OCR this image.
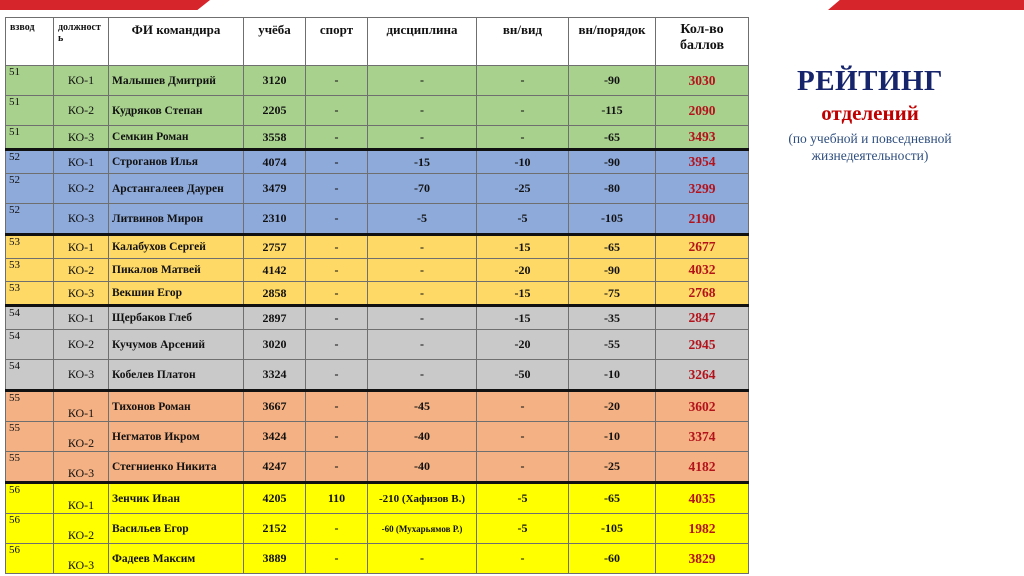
взвод	должност ь	ФИ командира	учёба	спорт	дисциплина	вн/вид	вн/порядок	Кол-во баллов
51	КО-1	Малышев Дмитрий	3120	-	-	-	-90	3030
51	КО-2	Кудряков Степан	2205	-	-	-	-115	2090
51	КО-3	Семкин Роман	3558	-	-	-	-65	3493
52	КО-1	Строганов Илья	4074	-	-15	-10	-90	3954
52	КО-2	Арстангалеев Даурен	3479	-	-70	-25	-80	3299
52	КО-3	Литвинов Мирон	2310	-	-5	-5	-105	2190
53	КО-1	Калабухов Сергей	2757	-	-	-15	-65	2677
53	КО-2	Пикалов Матвей	4142	-	-	-20	-90	4032
53	КО-3	Векшин Егор	2858	-	-	-15	-75	2768
54	КО-1	Щербаков Глеб	2897	-	-	-15	-35	2847
54	КО-2	Кучумов Арсений	3020	-	-	-20	-55	2945
54	КО-3	Кобелев Платон	3324	-	-	-50	-10	3264
55	КО-1	Тихонов Роман	3667	-	-45	-	-20	3602
55	КО-2	Негматов Икром	3424	-	-40	-	-10	3374
55	КО-3	Стегниенко Никита	4247	-	-40	-	-25	4182
56	КО-1	Зенчик Иван	4205	110	-210 (Хафизов В.)	-5	-65	4035
56	КО-2	Васильев Егор	2152	-	-60 (Мухарьямов Р.)	-5	-105	1982
56	КО-3	Фадеев Максим	3889	-	-	-	-60	3829
РЕЙТИНГ
отделений
(по учебной и повседневной жизнедеятельности)
